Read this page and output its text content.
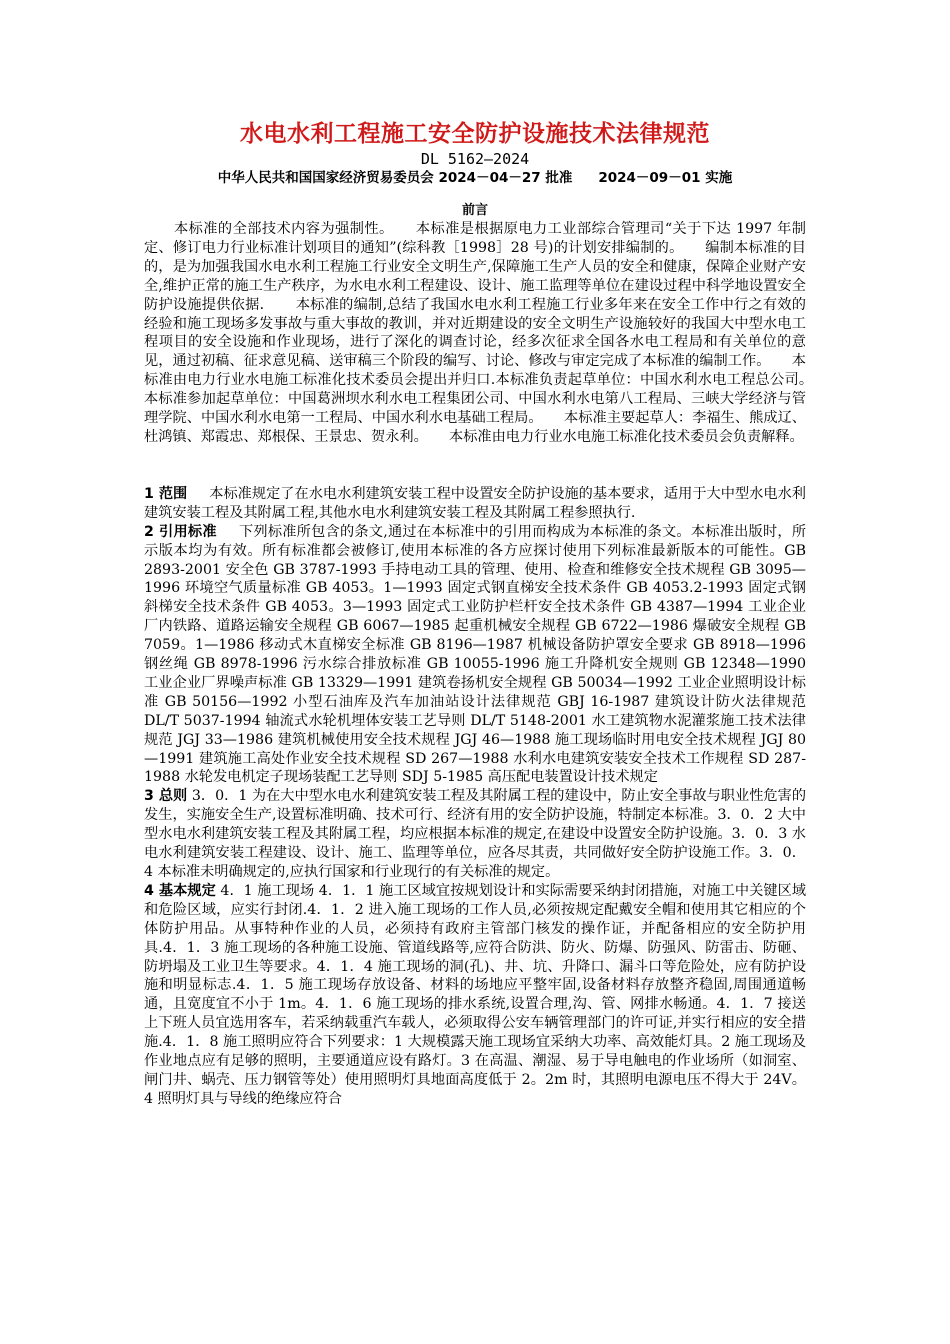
水电水利工程施工安全防护设施技术法律规范

DL 5162—2024

中华人民共和国国家经济贸易委员会 2024－04－27 批准 2024－09－01 实施

前言

本标准的全部技术内容为强制性。　　本标准是根据原电力工业部综合管理司“关于下达 1997 年制定、修订电力行业标准计划项目的通知”(综科教［1998］28 号)的计划安排编制的。　　编制本标准的目的，是为加强我国水电水利工程施工行业安全文明生产,保障施工生产人员的安全和健康，保障企业财产安全,维护正常的施工生产秩序，为水电水利工程建设、设计、施工监理等单位在建设过程中科学地设置安全防护设施提供依据．　　本标准的编制,总结了我国水电水利工程施工行业多年来在安全工作中行之有效的经验和施工现场多发事故与重大事故的教训，并对近期建设的安全文明生产设施较好的我国大中型水电工程项目的安全设施和作业现场，进行了深化的调查讨论，经多次征求全国各水电工程局和有关单位的意见，通过初稿、征求意见稿、送审稿三个阶段的编写、讨论、修改与审定完成了本标准的编制工作。　　本标准由电力行业水电施工标准化技术委员会提出并归口.本标准负责起草单位：中国水利水电工程总公司。　　本标准参加起草单位：中国葛洲坝水利水电工程集团公司、中国水利水电第八工程局、三峡大学经济与管理学院、中国水利水电第一工程局、中国水利水电基础工程局。　　本标准主要起草人：李福生、熊成辽、杜鸿镇、郑霞忠、郑根保、王景忠、贺永利。　　本标准由电力行业水电施工标准化技术委员会负责解释。

1 范围 本标准规定了在水电水利建筑安装工程中设置安全防护设施的基本要求，适用于大中型水电水利建筑安装工程及其附属工程,其他水电水利建筑安装工程及其附属工程参照执行.

2 引用标准 下列标准所包含的条文,通过在本标准中的引用而构成为本标准的条文。本标准出版时，所示版本均为有效。所有标准都会被修订,使用本标准的各方应探讨使用下列标准最新版本的可能性。GB 2893-2001 安全色 GB 3787-1993 手持电动工具的管理、使用、检查和维修安全技术规程 GB 3095—1996 环境空气质量标准 GB 4053。1—1993 固定式钢直梯安全技术条件 GB 4053.2-1993 固定式钢斜梯安全技术条件 GB 4053。3—1993 固定式工业防护栏杆安全技术条件 GB 4387—1994 工业企业厂内铁路、道路运输安全规程 GB 6067—1985 起重机械安全规程 GB 6722—1986 爆破安全规程 GB 7059。1—1986 移动式木直梯安全标准 GB 8196—1987 机械设备防护罩安全要求 GB 8918—1996 钢丝绳 GB 8978-1996 污水综合排放标准 GB 10055-1996 施工升降机安全规则 GB 12348—1990 工业企业厂界噪声标准 GB 13329—1991 建筑卷扬机安全规程 GB 50034—1992 工业企业照明设计标准 GB 50156—1992 小型石油库及汽车加油站设计法律规范 GBJ 16-1987 建筑设计防火法律规范 DL/T 5037-1994 轴流式水轮机埋体安装工艺导则 DL/T 5148-2001 水工建筑物水泥灌浆施工技术法律规范 JGJ 33—1986 建筑机械使用安全技术规程 JGJ 46—1988 施工现场临时用电安全技术规程 JGJ 80—1991 建筑施工高处作业安全技术规程 SD 267—1988 水利水电建筑安装安全技术工作规程 SD 287-1988 水轮发电机定子现场装配工艺导则 SDJ 5-1985 高压配电装置设计技术规定

3 总则 3．0．1 为在大中型水电水利建筑安装工程及其附属工程的建设中，防止安全事故与职业性危害的发生，实施安全生产,设置标准明确、技术可行、经济有用的安全防护设施，特制定本标准。3．0．2 大中型水电水利建筑安装工程及其附属工程，均应根据本标准的规定,在建设中设置安全防护设施。3．0．3 水电水利建筑安装工程建设、设计、施工、监理等单位，应各尽其责，共同做好安全防护设施工作。3．0．4 本标准未明确规定的,应执行国家和行业现行的有关标准的规定。

4 基本规定 4．1 施工现场 4．1．1 施工区域宜按规划设计和实际需要采纳封闭措施，对施工中关键区域和危险区域，应实行封闭.4．1．2 进入施工现场的工作人员,必须按规定配戴安全帽和使用其它相应的个体防护用品。从事特种作业的人员，必须持有政府主管部门核发的操作证，并配备相应的安全防护用具.4．1．3 施工现场的各种施工设施、管道线路等,应符合防洪、防火、防爆、防强风、防雷击、防砸、防坍塌及工业卫生等要求。4．1．4 施工现场的洞(孔)、井、坑、升降口、漏斗口等危险处，应有防护设施和明显标志.4．1．5 施工现场存放设备、材料的场地应平整牢固,设备材料存放整齐稳固,周围通道畅通，且宽度宜不小于 1m。4．1．6 施工现场的排水系统,设置合理,沟、管、网排水畅通。4．1．7 接送上下班人员宜选用客车，若采纳载重汽车载人，必须取得公安车辆管理部门的许可证,并实行相应的安全措施.4．1．8 施工照明应符合下列要求：1 大规模露天施工现场宜采纳大功率、高效能灯具。2 施工现场及作业地点应有足够的照明，主要通道应设有路灯。3 在高温、潮湿、易于导电触电的作业场所（如洞室、闸门井、蜗壳、压力钢管等处）使用照明灯具地面高度低于 2。2m 时，其照明电源电压不得大于 24V。4 照明灯具与导线的绝缘应符合
